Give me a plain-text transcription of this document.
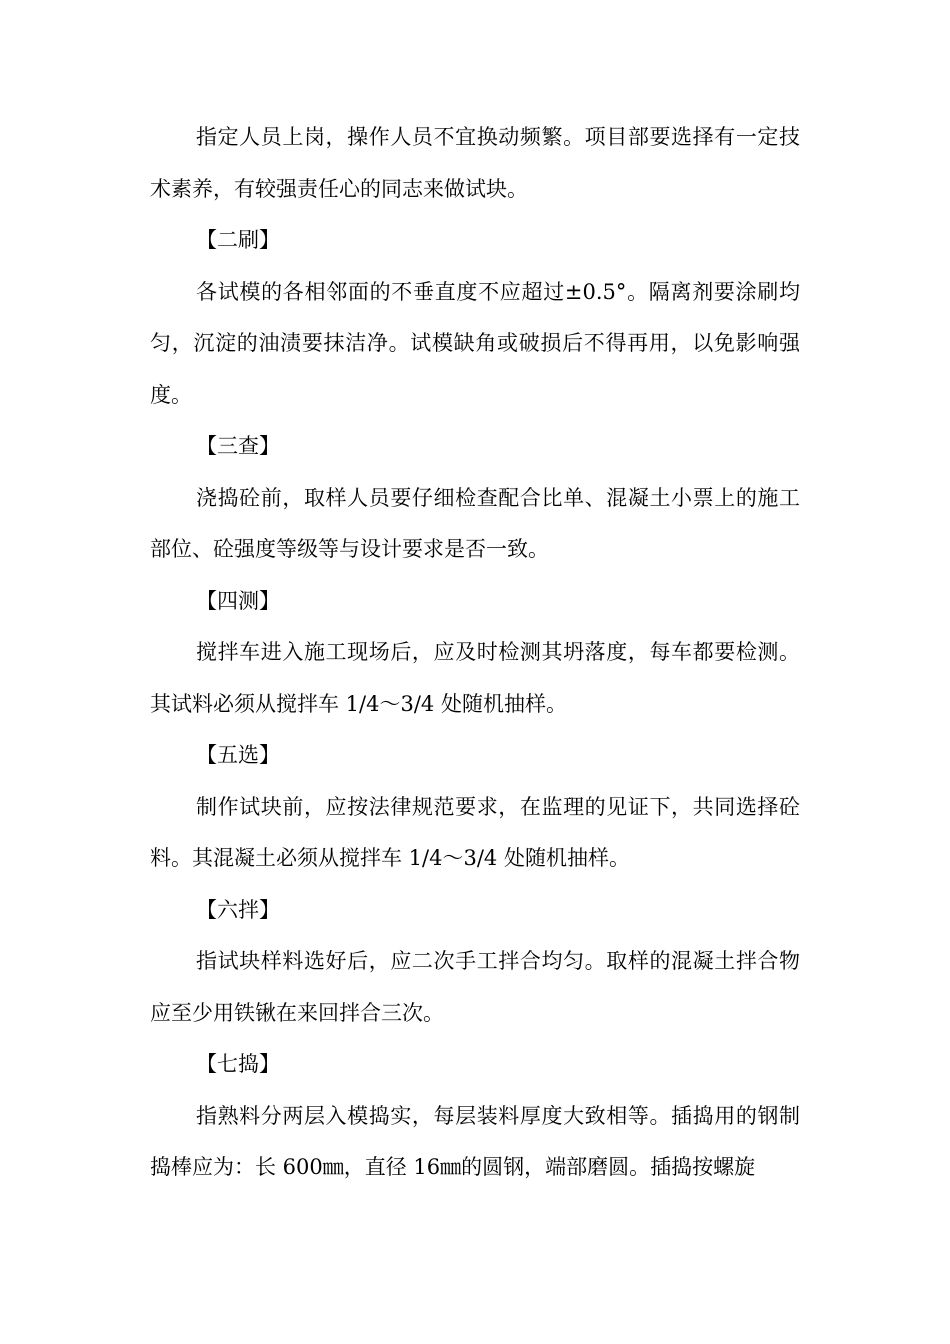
指定人员上岗，操作人员不宜换动频繁。项目部要选择有一定技术素养，有较强责任心的同志来做试块。

【二刷】

各试模的各相邻面的不垂直度不应超过±0.5°。隔离剂要涂刷均匀，沉淀的油渍要抹洁净。试模缺角或破损后不得再用，以免影响强度。

【三查】

浇捣砼前，取样人员要仔细检查配合比单、混凝土小票上的施工部位、砼强度等级等与设计要求是否一致。

【四测】

搅拌车进入施工现场后，应及时检测其坍落度，每车都要检测。其试料必须从搅拌车 1/4～3/4 处随机抽样。

【五选】

制作试块前，应按法律规范要求，在监理的见证下，共同选择砼料。其混凝土必须从搅拌车 1/4～3/4 处随机抽样。

【六拌】

指试块样料选好后，应二次手工拌合均匀。取样的混凝土拌合物应至少用铁锹在来回拌合三次。

【七捣】

指熟料分两层入模捣实，每层装料厚度大致相等。插捣用的钢制捣棒应为：长 600㎜，直径 16㎜的圆钢，端部磨圆。插捣按螺旋
